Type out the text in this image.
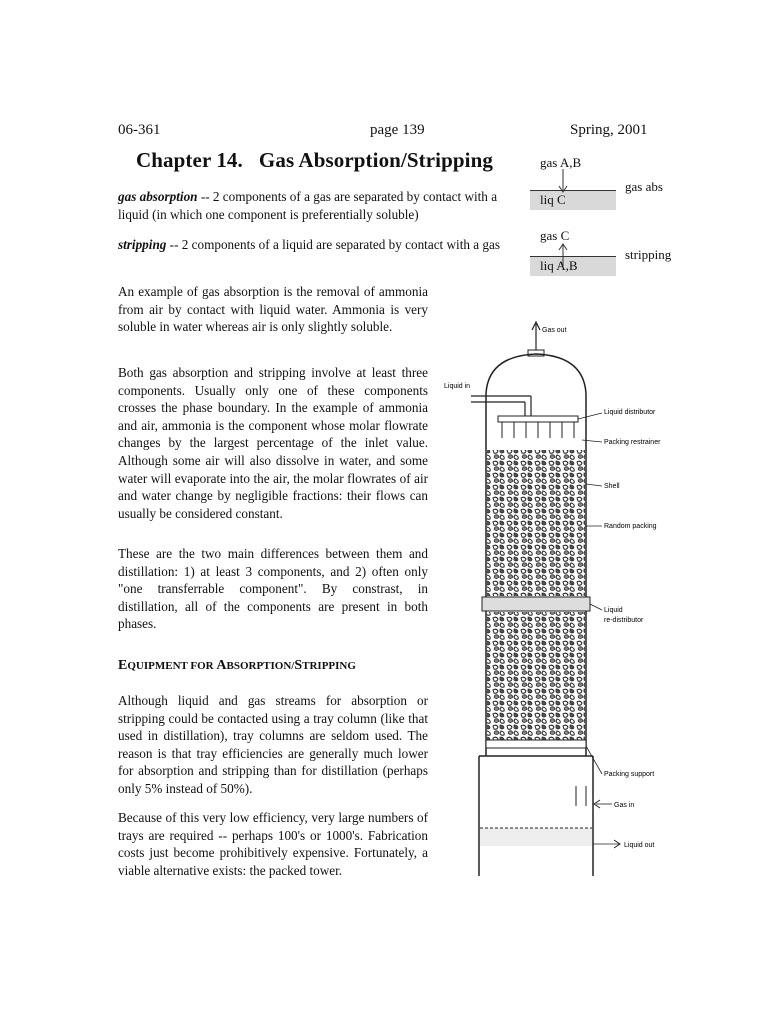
06-361	page 139	Spring, 2001
Chapter 14.   Gas Absorption/Stripping
gas absorption -- 2 components of a gas are separated by contact with a liquid (in which one component is preferentially soluble)
stripping -- 2 components of a liquid are separated by contact with a gas
gas A,B
liq C
gas abs
gas C
liq A,B
stripping
An example of gas absorption is the removal of ammonia from air by contact with liquid water. Ammonia is very soluble in water whereas air is only slightly soluble.
Both gas absorption and stripping involve at least three components. Usually only one of these components crosses the phase boundary. In the example of ammonia and air, ammonia is the component whose molar flowrate changes by the largest percentage of the inlet value. Although some air will also dissolve in water, and some water will evaporate into the air, the molar flowrates of air and water change by negligible fractions: their flows can usually be considered constant.
These are the two main differences between them and distillation: 1) at least 3 components, and 2) often only "one transferrable component". By constrast, in distillation, all of the components are present in both phases.
EQUIPMENT FOR ABSORPTION/STRIPPING
Although liquid and gas streams for absorption or stripping could be contacted using a tray column (like that used in distillation), tray columns are seldom used. The reason is that tray efficiencies are generally much lower for absorption and stripping than for distillation (perhaps only 5% instead of 50%).
Because of this very low efficiency, very large numbers of trays are required -- perhaps 100's or 1000's. Fabrication costs just become prohibitively expensive. Fortunately, a viable alternative exists: the packed tower.
Gas out
Liquid in
Liquid distributor
Packing restrainer
Shell
Random packing
Liquid
re-distributor
Packing support
Gas in
Liquid out
